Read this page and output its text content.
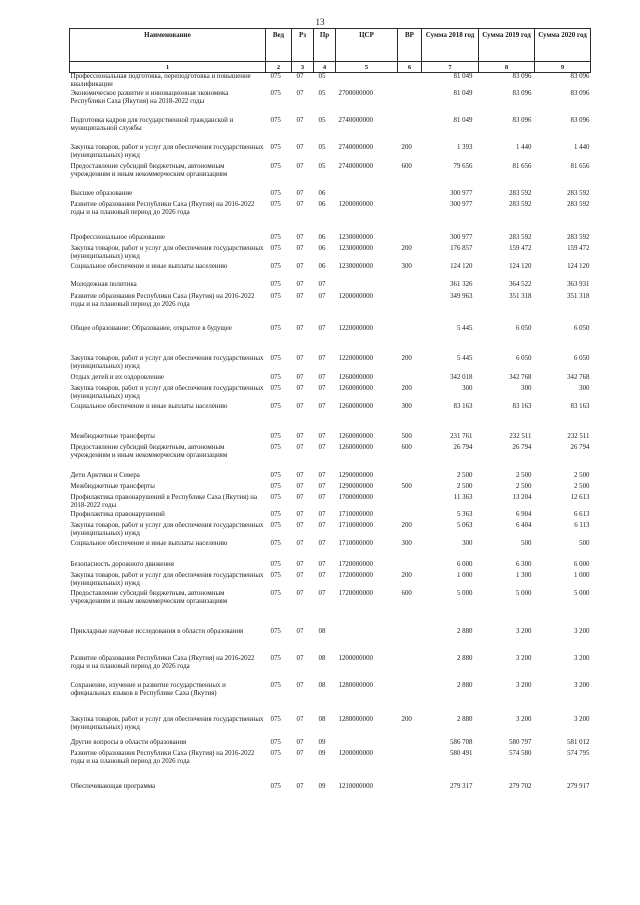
13
Наименование	Вед	Рз	Пр	ЦСР	ВР	Сумма 2018 год	Сумма 2019 год	Сумма 2020 год
1	2	3	4	5	6	7	8	9
Профессиональная подготовка, переподготовка и повышение квалификации	075	07	05			81 049	83 096	83 096
Экономическое развитие и инновационная экономика Республики Саха (Якутия) на 2018-2022 годы	075	07	05	2700000000		81 049	83 096	83 096
Подготовка кадров для государственной гражданской и муниципальной службы	075	07	05	2740000000		81 049	83 096	83 096
Закупка товаров, работ и услуг для обеспечения государственных (муниципальных) нужд	075	07	05	2740000000	200	1 393	1 440	1 440
Предоставление субсидий бюджетным, автономным учреждениям и иным некоммерческим организациям	075	07	05	2740000000	600	79 656	81 656	81 656
Высшее образование	075	07	06			300 977	283 592	283 592
Развитие образования Республики Саха (Якутия) на 2016-2022 годы и на плановый период до 2026 года	075	07	06	1200000000		300 977	283 592	283 592
Профессиональное образование	075	07	06	1230000000		300 977	283 592	283 592
Закупка товаров, работ и услуг для обеспечения государственных (муниципальных) нужд	075	07	06	1230000000	200	176 857	159 472	159 472
Социальное обеспечение и иные выплаты населению	075	07	06	1230000000	300	124 120	124 120	124 120
Молодежная политика	075	07	07			361 326	364 522	363 931
Развитие образования Республики Саха (Якутия) на 2016-2022 годы и на плановый период до 2026 года	075	07	07	1200000000		349 963	351 318	351 318
Общее образование: Образование, открытое в будущее	075	07	07	1220000000		5 445	6 050	6 050
Закупка товаров, работ и услуг для обеспечения государственных (муниципальных) нужд	075	07	07	1220000000	200	5 445	6 050	6 050
Отдых детей и их оздоровление	075	07	07	1260000000		342 018	342 768	342 768
Закупка товаров, работ и услуг для обеспечения государственных (муниципальных) нужд	075	07	07	1260000000	200	300	300	300
Социальное обеспечение и иные выплаты населению	075	07	07	1260000000	300	83 163	83 163	83 163
Межбюджетные трансферты	075	07	07	1260000000	500	231 761	232 511	232 511
Предоставление субсидий бюджетным, автономным учреждениям и иным некоммерческим организациям	075	07	07	1260000000	600	26 794	26 794	26 794
Дети Арктики и Севера	075	07	07	1290000000		2 500	2 500	2 500
Межбюджетные трансферты	075	07	07	1290000000	500	2 500	2 500	2 500
Профилактика правонарушений в Республике Саха (Якутия) на 2018-2022 годы	075	07	07	1700000000		11 363	13 204	12 613
Профилактика правонарушений	075	07	07	1710000000		5 363	6 904	6 613
Закупка товаров, работ и услуг для обеспечения государственных (муниципальных) нужд	075	07	07	1710000000	200	5 063	6 404	6 113
Социальное обеспечение и иные выплаты населению	075	07	07	1710000000	300	300	500	500
Безопасность дорожного движения	075	07	07	1720000000		6 000	6 300	6 000
Закупка товаров, работ и услуг для обеспечения государственных (муниципальных) нужд	075	07	07	1720000000	200	1 000	1 300	1 000
Предоставление субсидий бюджетным, автономным учреждениям и иным некоммерческим организациям	075	07	07	1720000000	600	5 000	5 000	5 000
Прикладные научные исследования в области образования	075	07	08			2 880	3 200	3 200
Развитие образования Республики Саха (Якутия) на 2016-2022 годы и на плановый период до 2026 года	075	07	08	1200000000		2 880	3 200	3 200
Сохранение, изучение и развитие государственных и официальных языков в Республике Саха (Якутия)	075	07	08	1280000000		2 880	3 200	3 200
Закупка товаров, работ и услуг для обеспечения государственных (муниципальных) нужд	075	07	08	1280000000	200	2 880	3 200	3 200
Другие вопросы в области образования	075	07	09			586 708	580 797	581 012
Развитие образования Республики Саха (Якутия) на 2016-2022 годы и на плановый период до 2026 года	075	07	09	1200000000		580 491	574 580	574 795
Обеспечивающая программа	075	07	09	1210000000		279 317	279 702	279 917
